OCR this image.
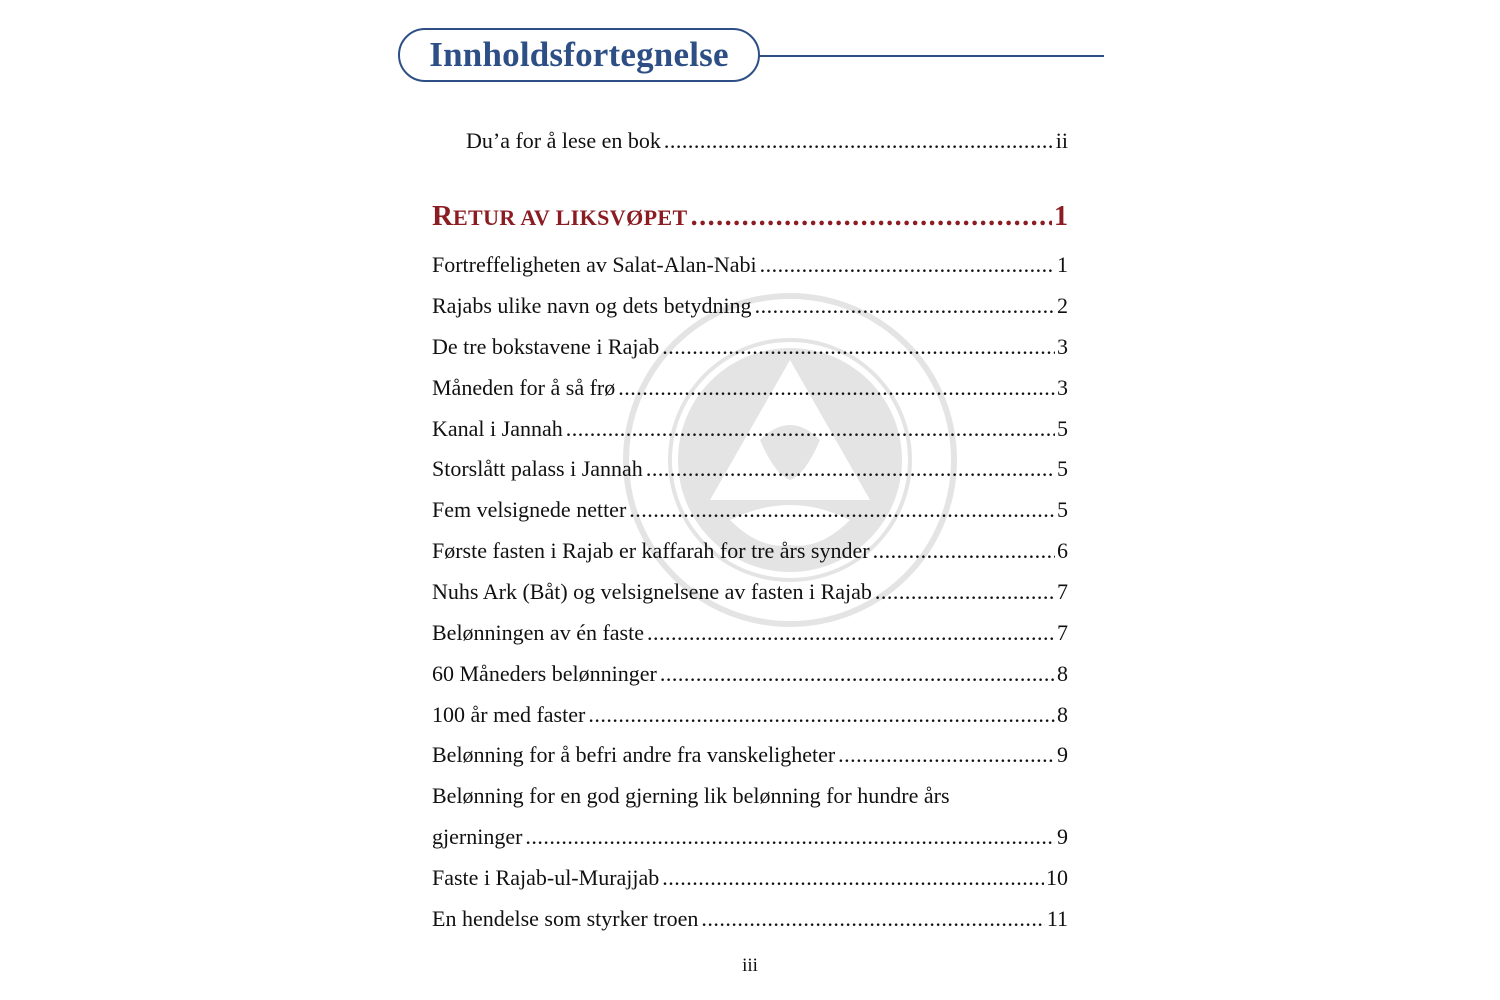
Innholdsfortegnelse
Du’a for å lese en bok .....	ii
RETUR AV LIKSVØPET .....	1
Fortreffeligheten av Salat-Alan-Nabi .....	1
Rajabs ulike navn og dets betydning .....	2
De tre bokstavene i Rajab .....	3
Måneden for å så frø .....	3
Kanal i Jannah .....	5
Storslått palass i Jannah .....	5
Fem velsignede netter .....	5
Første fasten i Rajab er kaffarah for tre års synder .....	6
Nuhs Ark (Båt) og velsignelsene av fasten i Rajab .....	7
Belønningen av én faste .....	7
60 Måneders belønninger .....	8
100 år med faster .....	8
Belønning for å befri andre fra vanskeligheter .....	9
Belønning for en god gjerning lik belønning for hundre års
gjerninger .....	9
Faste i Rajab-ul-Murajjab .....	10
En hendelse som styrker troen .....	11
iii
